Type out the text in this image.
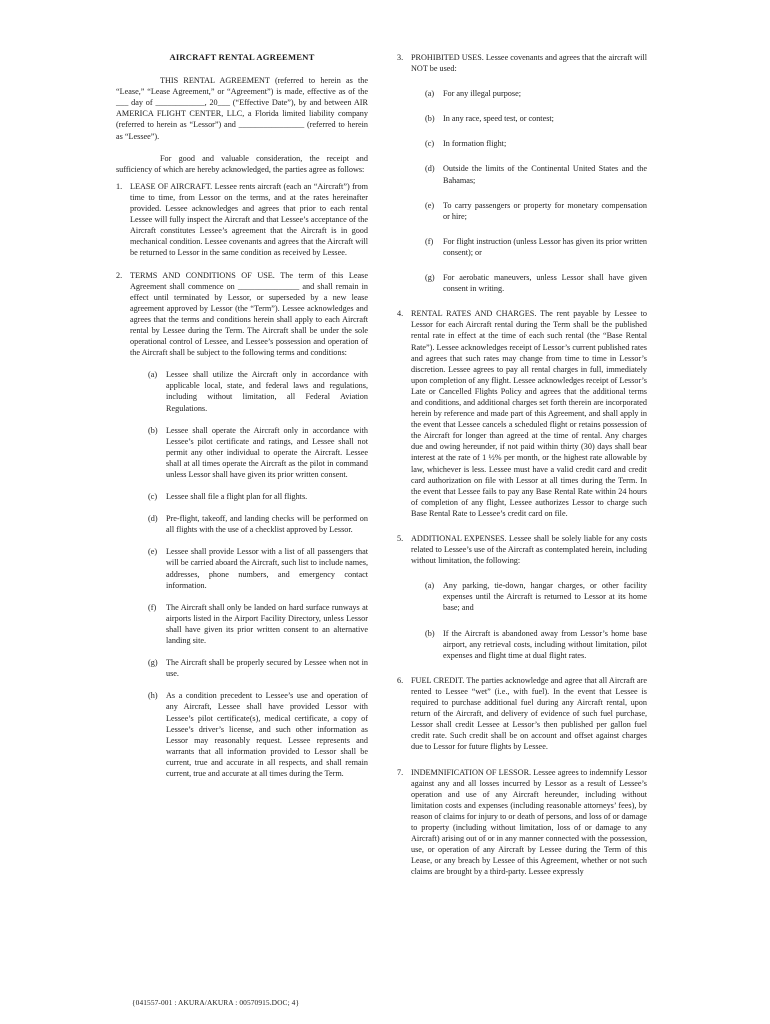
AIRCRAFT RENTAL AGREEMENT

THIS RENTAL AGREEMENT (referred to herein as the “Lease,” “Lease Agreement,” or “Agreement”) is made, effective as of the ___ day of ____________, 20___ (“Effective Date”), by and between AIR AMERICA FLIGHT CENTER, LLC, a Florida limited liability company (referred to herein as “Lessor”) and ________________ (referred to herein as “Lessee”).

For good and valuable consideration, the receipt and sufficiency of which are hereby acknowledged, the parties agree as follows:

1. LEASE OF AIRCRAFT. Lessee rents aircraft (each an “Aircraft”) from time to time, from Lessor on the terms, and at the rates hereinafter provided. Lessee acknowledges and agrees that prior to each rental Lessee will fully inspect the Aircraft and that Lessee’s acceptance of the Aircraft constitutes Lessee’s agreement that the Aircraft is in good mechanical condition. Lessee covenants and agrees that the Aircraft will be returned to Lessor in the same condition as received by Lessee.
2. TERMS AND CONDITIONS OF USE. The term of this Lease Agreement shall commence on _______________ and shall remain in effect until terminated by Lessor, or superseded by a new lease agreement approved by Lessor (the “Term”). Lessee acknowledges and agrees that the terms and conditions herein shall apply to each Aircraft rental by Lessee during the Term. The Aircraft shall be under the sole operational control of Lessee, and Lessee’s possession and operation of the Aircraft shall be subject to the following terms and conditions:
(a)	Lessee shall utilize the Aircraft only in accordance with applicable local, state, and federal laws and regulations, including without limitation, all Federal Aviation Regulations.
(b)	Lessee shall operate the Aircraft only in accordance with Lessee’s pilot certificate and ratings, and Lessee shall not permit any other individual to operate the Aircraft. Lessee shall at all times operate the Aircraft as the pilot in command unless Lessor shall have given its prior written consent.
(c)	Lessee shall file a flight plan for all flights.
(d)	Pre-flight, takeoff, and landing checks will be performed on all flights with the use of a checklist approved by Lessor.
(e)	Lessee shall provide Lessor with a list of all passengers that will be carried aboard the Aircraft, such list to include names, addresses, phone numbers, and emergency contact information.
(f)	The Aircraft shall only be landed on hard surface runways at airports listed in the Airport Facility Directory, unless Lessor shall have given its prior written consent to an alternative landing site.
(g)	The Aircraft shall be properly secured by Lessee when not in use.
(h)	As a condition precedent to Lessee’s use and operation of any Aircraft, Lessee shall have provided Lessor with Lessee’s pilot certificate(s), medical certificate, a copy of Lessee’s driver’s license, and such other information as Lessor may reasonably request. Lessee represents and warrants that all information provided to Lessor shall be current, true and accurate in all respects, and shall remain current, true and accurate at all times during the Term.
3. PROHIBITED USES. Lessee covenants and agrees that the aircraft will NOT be used:
(a)	For any illegal purpose;
(b)	In any race, speed test, or contest;
(c)	In formation flight;
(d)	Outside the limits of the Continental United States and the Bahamas;
(e)	To carry passengers or property for monetary compensation or hire;
(f)	For flight instruction (unless Lessor has given its prior written consent); or
(g)	For aerobatic maneuvers, unless Lessor shall have given consent in writing.
4. RENTAL RATES AND CHARGES. The rent payable by Lessee to Lessor for each Aircraft rental during the Term shall be the published rental rate in effect at the time of each such rental (the “Base Rental Rate”). Lessee acknowledges receipt of Lessor’s current published rates and agrees that such rates may change from time to time in Lessor’s discretion. Lessee agrees to pay all rental charges in full, immediately upon completion of any flight. Lessee acknowledges receipt of Lessor’s Late or Cancelled Flights Policy and agrees that the additional terms and conditions, and additional charges set forth therein are incorporated herein by reference and made part of this Agreement, and shall apply in the event that Lessee cancels a scheduled flight or retains possession of the Aircraft for longer than agreed at the time of rental. Any charges due and owing hereunder, if not paid within thirty (30) days shall bear interest at the rate of 1 ½% per month, or the highest rate allowable by law, whichever is less. Lessee must have a valid credit card and credit card authorization on file with Lessor at all times during the Term. In the event that Lessee fails to pay any Base Rental Rate within 24 hours of completion of any flight, Lessee authorizes Lessor to charge such Base Rental Rate to Lessee’s credit card on file.
5. ADDITIONAL EXPENSES. Lessee shall be solely liable for any costs related to Lessee’s use of the Aircraft as contemplated herein, including without limitation, the following:
(a)	Any parking, tie-down, hangar charges, or other facility expenses until the Aircraft is returned to Lessor at its home base; and
(b)	If the Aircraft is abandoned away from Lessor’s home base airport, any retrieval costs, including without limitation, pilot expenses and flight time at dual flight rates.
6. FUEL CREDIT. The parties acknowledge and agree that all Aircraft are rented to Lessee “wet” (i.e., with fuel). In the event that Lessee is required to purchase additional fuel during any Aircraft rental, upon return of the Aircraft, and delivery of evidence of such fuel purchase, Lessor shall credit Lessee at Lessor’s then published per gallon fuel credit rate. Such credit shall be on account and offset against charges due to Lessor for future flights by Lessee.
7. INDEMNIFICATION OF LESSOR. Lessee agrees to indemnify Lessor against any and all losses incurred by Lessor as a result of Lessee’s operation and use of any Aircraft hereunder, including without limitation costs and expenses (including reasonable attorneys’ fees), by reason of claims for injury to or death of persons, and loss of or damage to property (including without limitation, loss of or damage to any Aircraft) arising out of or in any manner connected with the possession, use, or operation of any Aircraft by Lessee during the Term of this Lease, or any breach by Lessee of this Agreement, whether or not such claims are brought by a third-party. Lessee expressly
{041557-001 : AKURA/AKURA : 00570915.DOC; 4}
